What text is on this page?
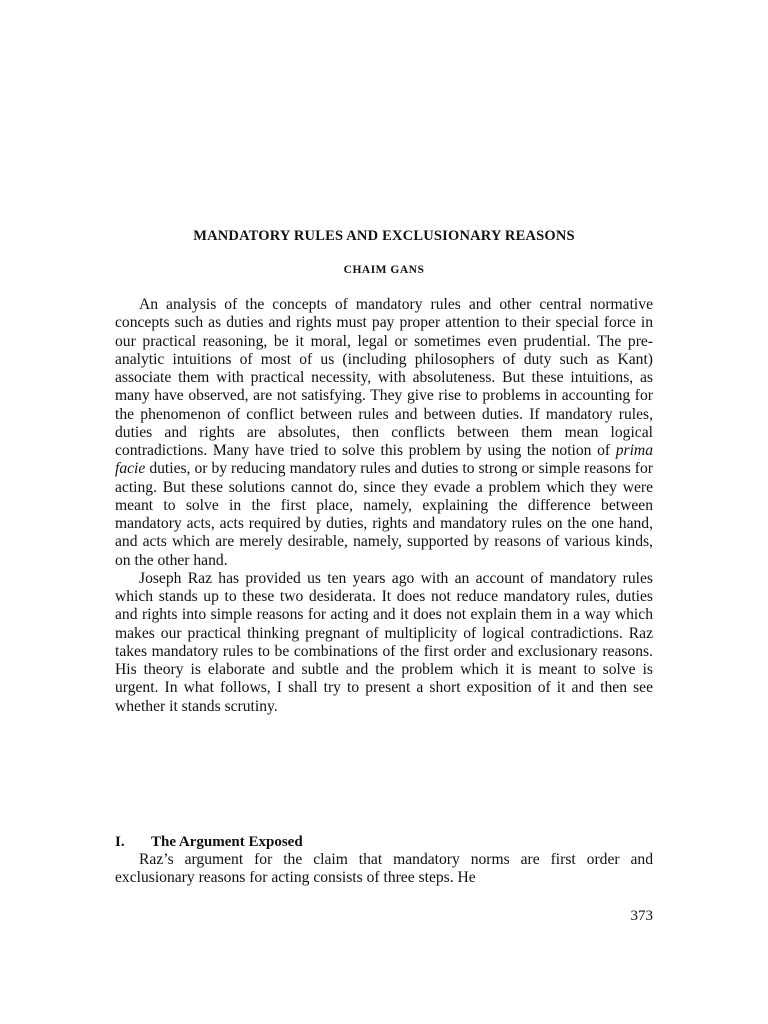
MANDATORY RULES AND EXCLUSIONARY REASONS
CHAIM GANS

An analysis of the concepts of mandatory rules and other central normative concepts such as duties and rights must pay proper attention to their special force in our practical reasoning, be it moral, legal or sometimes even prudential. The pre-analytic intuitions of most of us (including philosophers of duty such as Kant) associate them with practical necessity, with absoluteness. But these intuitions, as many have observed, are not satisfying. They give rise to problems in accounting for the phenomenon of conflict between rules and between duties. If mandatory rules, duties and rights are absolutes, then conflicts between them mean logical contradictions. Many have tried to solve this problem by using the notion of prima facie duties, or by reducing mandatory rules and duties to strong or simple reasons for acting. But these solutions cannot do, since they evade a problem which they were meant to solve in the first place, namely, explaining the difference between mandatory acts, acts required by duties, rights and mandatory rules on the one hand, and acts which are merely desirable, namely, supported by reasons of various kinds, on the other hand.

Joseph Raz has provided us ten years ago with an account of mandatory rules which stands up to these two desiderata. It does not reduce mandatory rules, duties and rights into simple reasons for acting and it does not explain them in a way which makes our practical thinking pregnant of multiplicity of logical contradictions. Raz takes mandatory rules to be combinations of the first order and exclusionary reasons. His theory is elaborate and subtle and the problem which it is meant to solve is urgent. In what follows, I shall try to present a short exposition of it and then see whether it stands scrutiny.

I. The Argument Exposed

Raz’s argument for the claim that mandatory norms are first order and exclusionary reasons for acting consists of three steps. He

373
